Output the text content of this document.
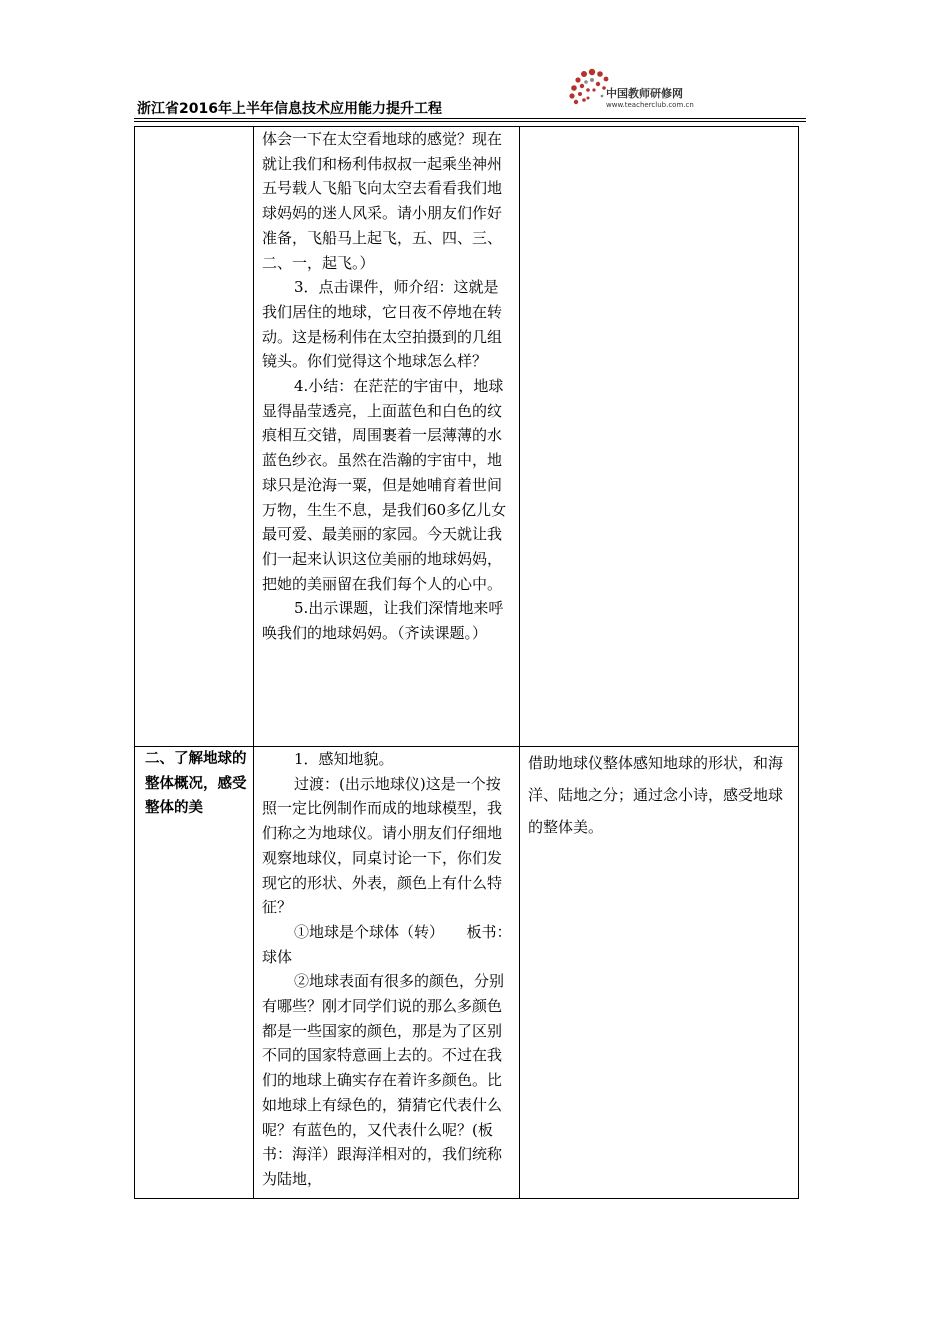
中国教师研修网
www.teacherclub.com.cn
浙江省2016年上半年信息技术应用能力提升工程

	体会一下在太空看地球的感觉？现在就让我们和杨利伟叔叔一起乘坐神州五号载人飞船飞向太空去看看我们地球妈妈的迷人风采。请小朋友们作好准备，飞船马上起飞，五、四、三、二、一，起飞。）

3．点击课件，师介绍：这就是我们居住的地球，它日夜不停地在转动。这是杨利伟在太空拍摄到的几组镜头。你们觉得这个地球怎么样？

4.小结：在茫茫的宇宙中，地球显得晶莹透亮，上面蓝色和白色的纹痕相互交错，周围裹着一层薄薄的水蓝色纱衣。虽然在浩瀚的宇宙中，地球只是沧海一粟，但是她哺育着世间万物，生生不息，是我们60多亿儿女最可爱、最美丽的家园。今天就让我们一起来认识这位美丽的地球妈妈，把她的美丽留在我们每个人的心中。

5.出示课题，让我们深情地来呼唤我们的地球妈妈。（齐读课题。）	

二、了解地球的整体概况，感受整体的美	1．感知地貌。

过渡：(出示地球仪)这是一个按照一定比例制作而成的地球模型，我们称之为地球仪。请小朋友们仔细地观察地球仪，同桌讨论一下，你们发现它的形状、外表，颜色上有什么特征？

①地球是个球体（转）　　板书：球体

②地球表面有很多的颜色，分别有哪些？刚才同学们说的那么多颜色都是一些国家的颜色，那是为了区别不同的国家特意画上去的。不过在我们的地球上确实存在着许多颜色。比如地球上有绿色的，猜猜它代表什么呢？有蓝色的，又代表什么呢？(板书：海洋）跟海洋相对的，我们统称为陆地，	借助地球仪整体感知地球的形状，和海洋、陆地之分；通过念小诗，感受地球的整体美。
